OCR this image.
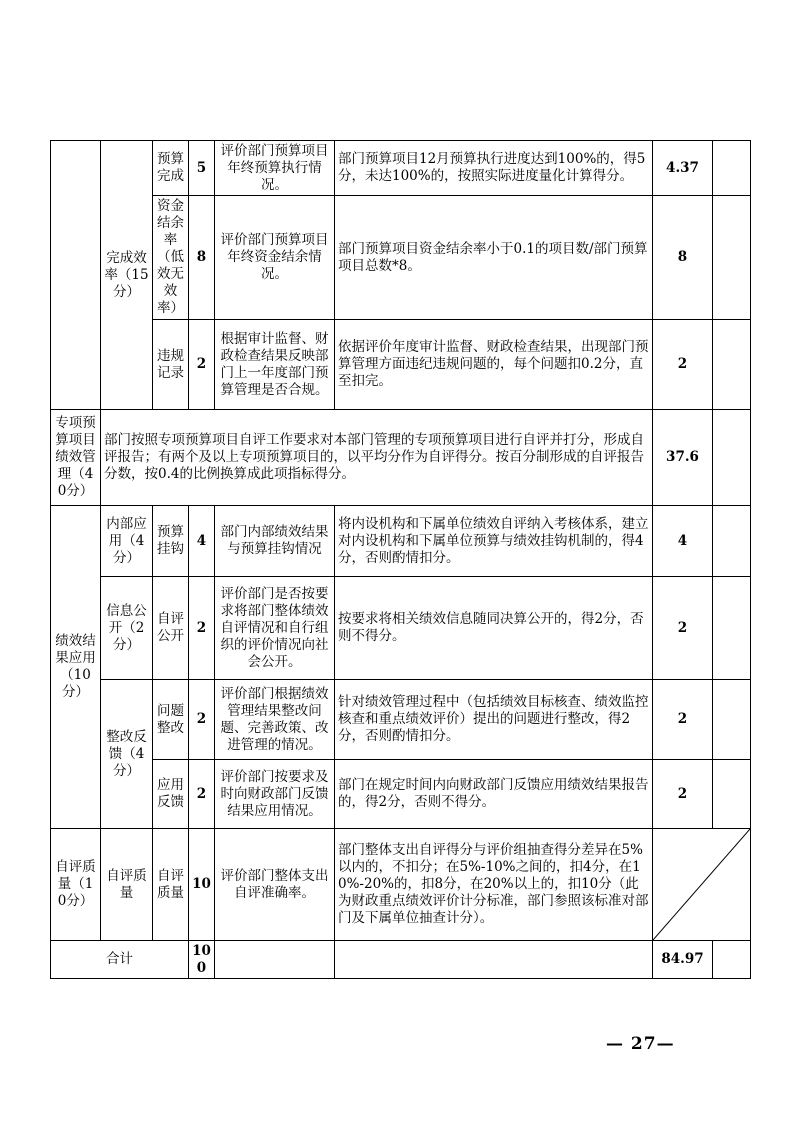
	完成效率（15分）	预算完成	5	评价部门预算项目年终预算执行情况。	部门预算项目12月预算执行进度达到100%的，得5分，未达100%的，按照实际进度量化计算得分。	4.37	
		资金结余率（低效无效率）	8	评价部门预算项目年终资金结余情况。	部门预算项目资金结余率小于0.1的项目数/部门预算项目总数*8。	8	
		违规记录	2	根据审计监督、财政检查结果反映部门上一年度部门预算管理是否合规。	依据评价年度审计监督、财政检查结果，出现部门预算管理方面违纪违规问题的，每个问题扣0.2分，直至扣完。	2	
专项预算项目绩效管理（40分）	部门按照专项预算项目自评工作要求对本部门管理的专项预算项目进行自评并打分，形成自评报告；有两个及以上专项预算项目的，以平均分作为自评得分。按百分制形成的自评报告分数，按0.4的比例换算成此项指标得分。					37.6	
绩效结果应用（10分）	内部应用（4分）	预算挂钩	4	部门内部绩效结果与预算挂钩情况	将内设机构和下属单位绩效自评纳入考核体系，建立对内设机构和下属单位预算与绩效挂钩机制的，得4分，否则酌情扣分。	4	
	信息公开（2分）	自评公开	2	评价部门是否按要求将部门整体绩效自评情况和自行组织的评价情况向社会公开。	按要求将相关绩效信息随同决算公开的，得2分，否则不得分。	2	
	整改反馈（4分）	问题整改	2	评价部门根据绩效管理结果整改问题、完善政策、改进管理的情况。	针对绩效管理过程中（包括绩效目标核查、绩效监控核查和重点绩效评价）提出的问题进行整改，得2分，否则酌情扣分。	2	
		应用反馈	2	评价部门按要求及时向财政部门反馈结果应用情况。	部门在规定时间内向财政部门反馈应用绩效结果报告的，得2分，否则不得分。	2	
自评质量（10分）	自评质量	自评质量	10	评价部门整体支出自评准确率。	部门整体支出自评得分与评价组抽查得分差异在5%以内的，不扣分；在5%-10%之间的，扣4分，在10%-20%的，扣8分，在20%以上的，扣10分（此为财政重点绩效评价计分标准，部门参照该标准对部门及下属单位抽查计分）。	

合计			100			84.97	
— 27—
